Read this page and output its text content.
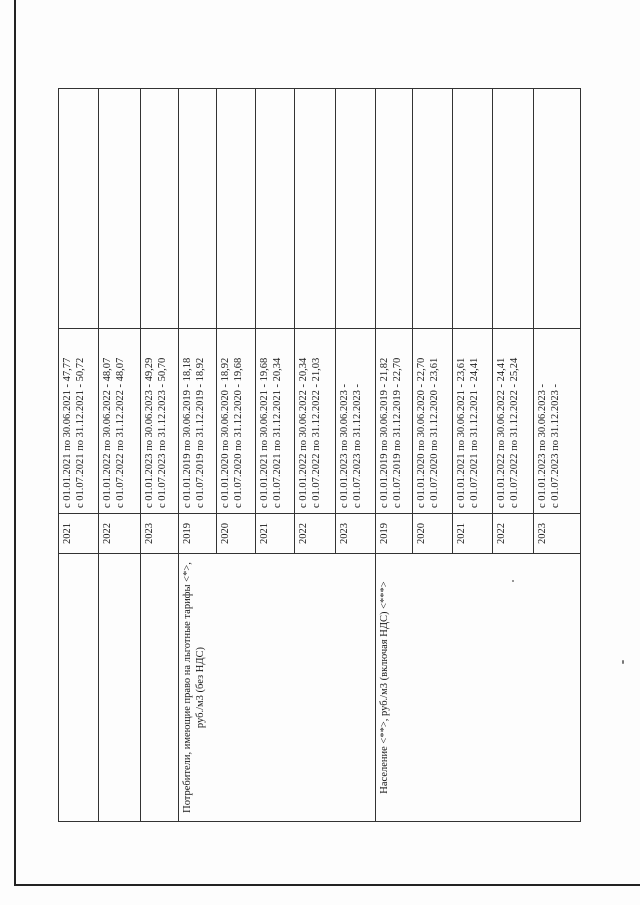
	2021	с 01.01.2021 по 30.06.2021 - 47,77 с 01.07.2021 по 31.12.2021 - 50,72	

	2022	с 01.01.2022 по 30.06.2022 - 48,07 с 01.07.2022 по 31.12.2022 - 48,07	

	2023	с 01.01.2023 по 30.06.2023 - 49,29 с 01.07.2023 по 31.12.2023 - 50,70	

Потребители, имеющие право на льготные тарифы <*>, руб./м3 (без НДС)	2019	с 01.01.2019 по 30.06.2019 - 18,18 с 01.07.2019 по 31.12.2019 - 18,92	

	2020	с 01.01.2020 по 30.06.2020 - 18,92 с 01.07.2020 по 31.12.2020 - 19,68	

	2021	с 01.01.2021 по 30.06.2021 - 19,68 с 01.07.2021 по 31.12.2021 - 20,34	

	2022	с 01.01.2022 по 30.06.2022 - 20,34 с 01.07.2022 по 31.12.2022 - 21,03	

	2023	с 01.01.2023 по 30.06.2023 - с 01.07.2023 по 31.12.2023 -	

Население <**>, руб./м3 (включая НДС) <***>	2019	с 01.01.2019 по 30.06.2019 - 21,82 с 01.07.2019 по 31.12.2019 - 22,70	

	2020	с 01.01.2020 по 30.06.2020 - 22,70 с 01.07.2020 по 31.12.2020 - 23,61	

	2021	с 01.01.2021 по 30.06.2021 - 23,61 с 01.07.2021 по 31.12.2021 - 24,41	

	2022	с 01.01.2022 по 30.06.2022 - 24,41 с 01.07.2022 по 31.12.2022 - 25,24	

	2023	с 01.01.2023 по 30.06.2023 - с 01.07.2023 по 31.12.2023 -	
